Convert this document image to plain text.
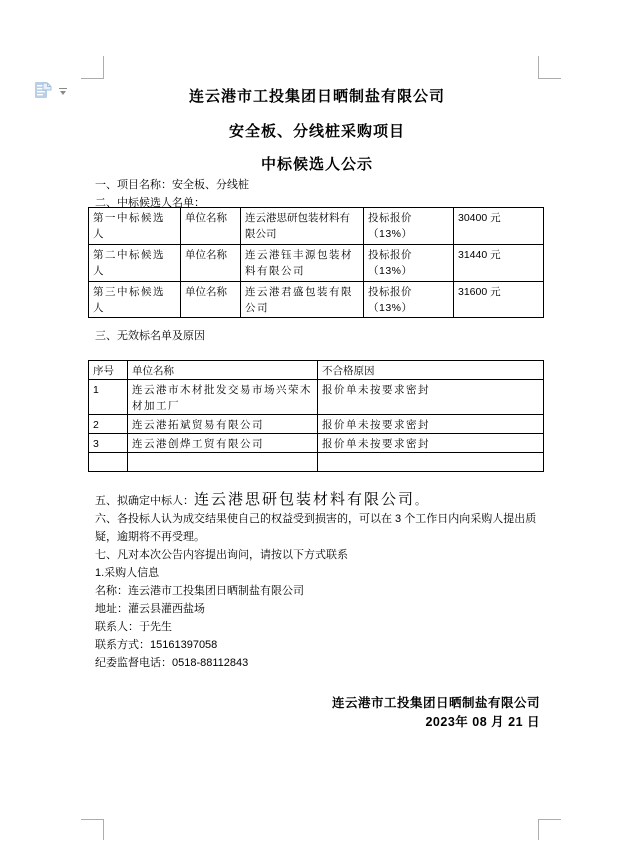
连云港市工投集团日晒制盐有限公司
安全板、分线桩采购项目
中标候选人公示
一、项目名称：安全板、分线桩
二、中标候选人名单：
第一中标候选人	单位名称	连云港思研包装材料有限公司	投标报价（13%）	30400 元
第二中标候选人	单位名称	连云港钰丰源包装材料有限公司	投标报价（13%）	31440 元
第三中标候选人	单位名称	连云港君盛包装有限公司	投标报价（13%）	31600 元
三、无效标名单及原因
序号	单位名称	不合格原因
1	连云港市木材批发交易市场兴荣木材加工厂	报价单未按要求密封
2	连云港拓斌贸易有限公司	报价单未按要求密封
3	连云港创烨工贸有限公司	报价单未按要求密封

五、拟确定中标人：连云港思研包装材料有限公司。
六、各投标人认为成交结果使自己的权益受到损害的，可以在 3 个工作日内向采购人提出质疑，逾期将不再受理。
七、凡对本次公告内容提出询问，请按以下方式联系
1.采购人信息
名称：连云港市工投集团日晒制盐有限公司
地址：灌云县灌西盐场
联系人：于先生
联系方式：15161397058
纪委监督电话：0518-88112843
连云港市工投集团日晒制盐有限公司
2023年 08 月 21 日
